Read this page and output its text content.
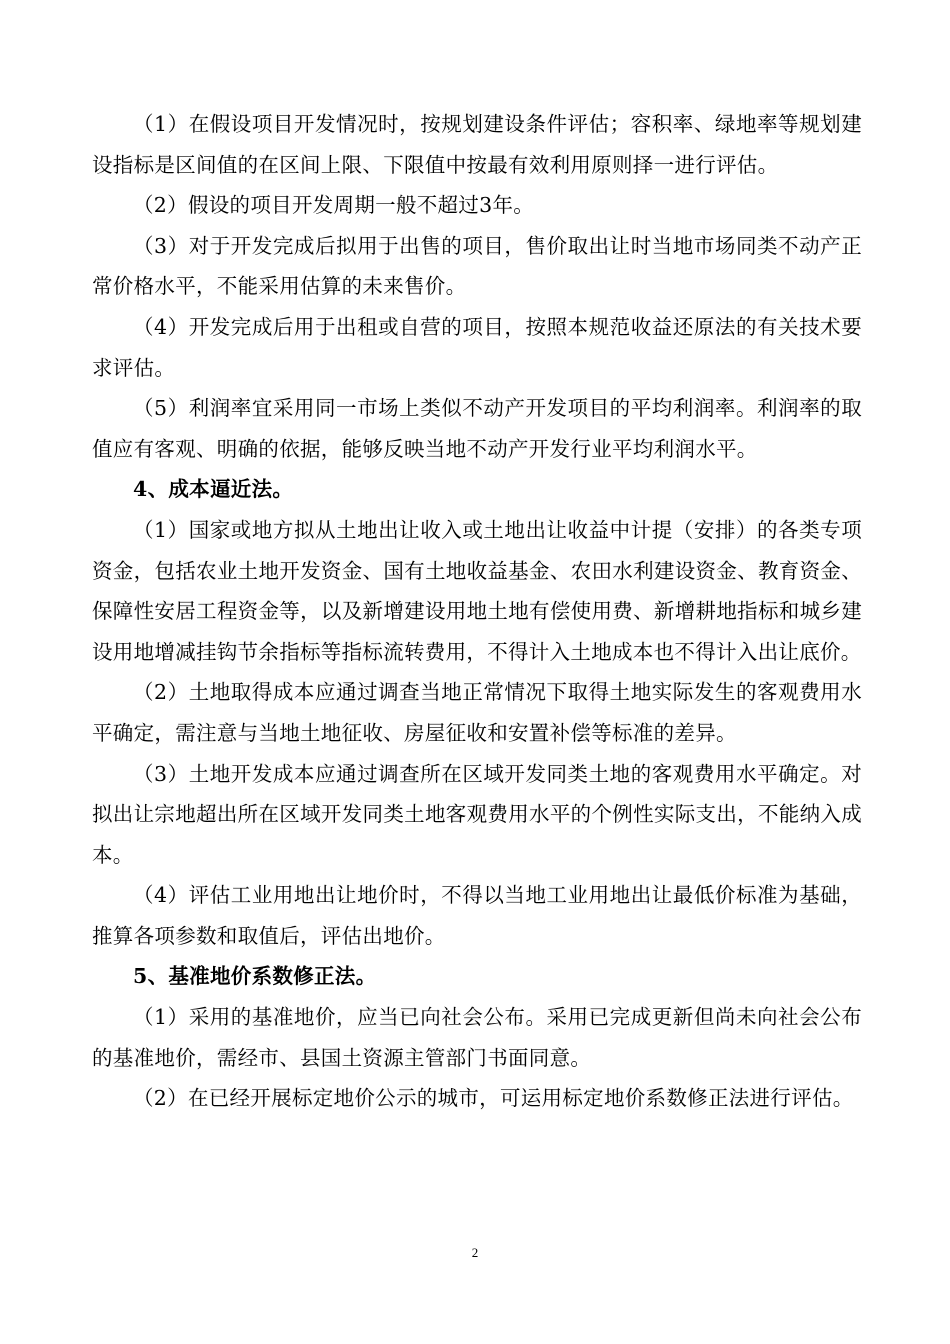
（1）在假设项目开发情况时，按规划建设条件评估；容积率、绿地率等规划建设指标是区间值的在区间上限、下限值中按最有效利用原则择一进行评估。

（2）假设的项目开发周期一般不超过3年。

（3）对于开发完成后拟用于出售的项目，售价取出让时当地市场同类不动产正常价格水平，不能采用估算的未来售价。

（4）开发完成后用于出租或自营的项目，按照本规范收益还原法的有关技术要求评估。

（5）利润率宜采用同一市场上类似不动产开发项目的平均利润率。利润率的取值应有客观、明确的依据，能够反映当地不动产开发行业平均利润水平。

4、成本逼近法。

（1）国家或地方拟从土地出让收入或土地出让收益中计提（安排）的各类专项资金，包括农业土地开发资金、国有土地收益基金、农田水利建设资金、教育资金、保障性安居工程资金等，以及新增建设用地土地有偿使用费、新增耕地指标和城乡建设用地增减挂钩节余指标等指标流转费用，不得计入土地成本也不得计入出让底价。

（2）土地取得成本应通过调查当地正常情况下取得土地实际发生的客观费用水平确定，需注意与当地土地征收、房屋征收和安置补偿等标准的差异。

（3）土地开发成本应通过调查所在区域开发同类土地的客观费用水平确定。对拟出让宗地超出所在区域开发同类土地客观费用水平的个例性实际支出，不能纳入成本。

（4）评估工业用地出让地价时，不得以当地工业用地出让最低价标准为基础，推算各项参数和取值后，评估出地价。

5、基准地价系数修正法。

（1）采用的基准地价，应当已向社会公布。采用已完成更新但尚未向社会公布的基准地价，需经市、县国土资源主管部门书面同意。

（2）在已经开展标定地价公示的城市，可运用标定地价系数修正法进行评估。

2
